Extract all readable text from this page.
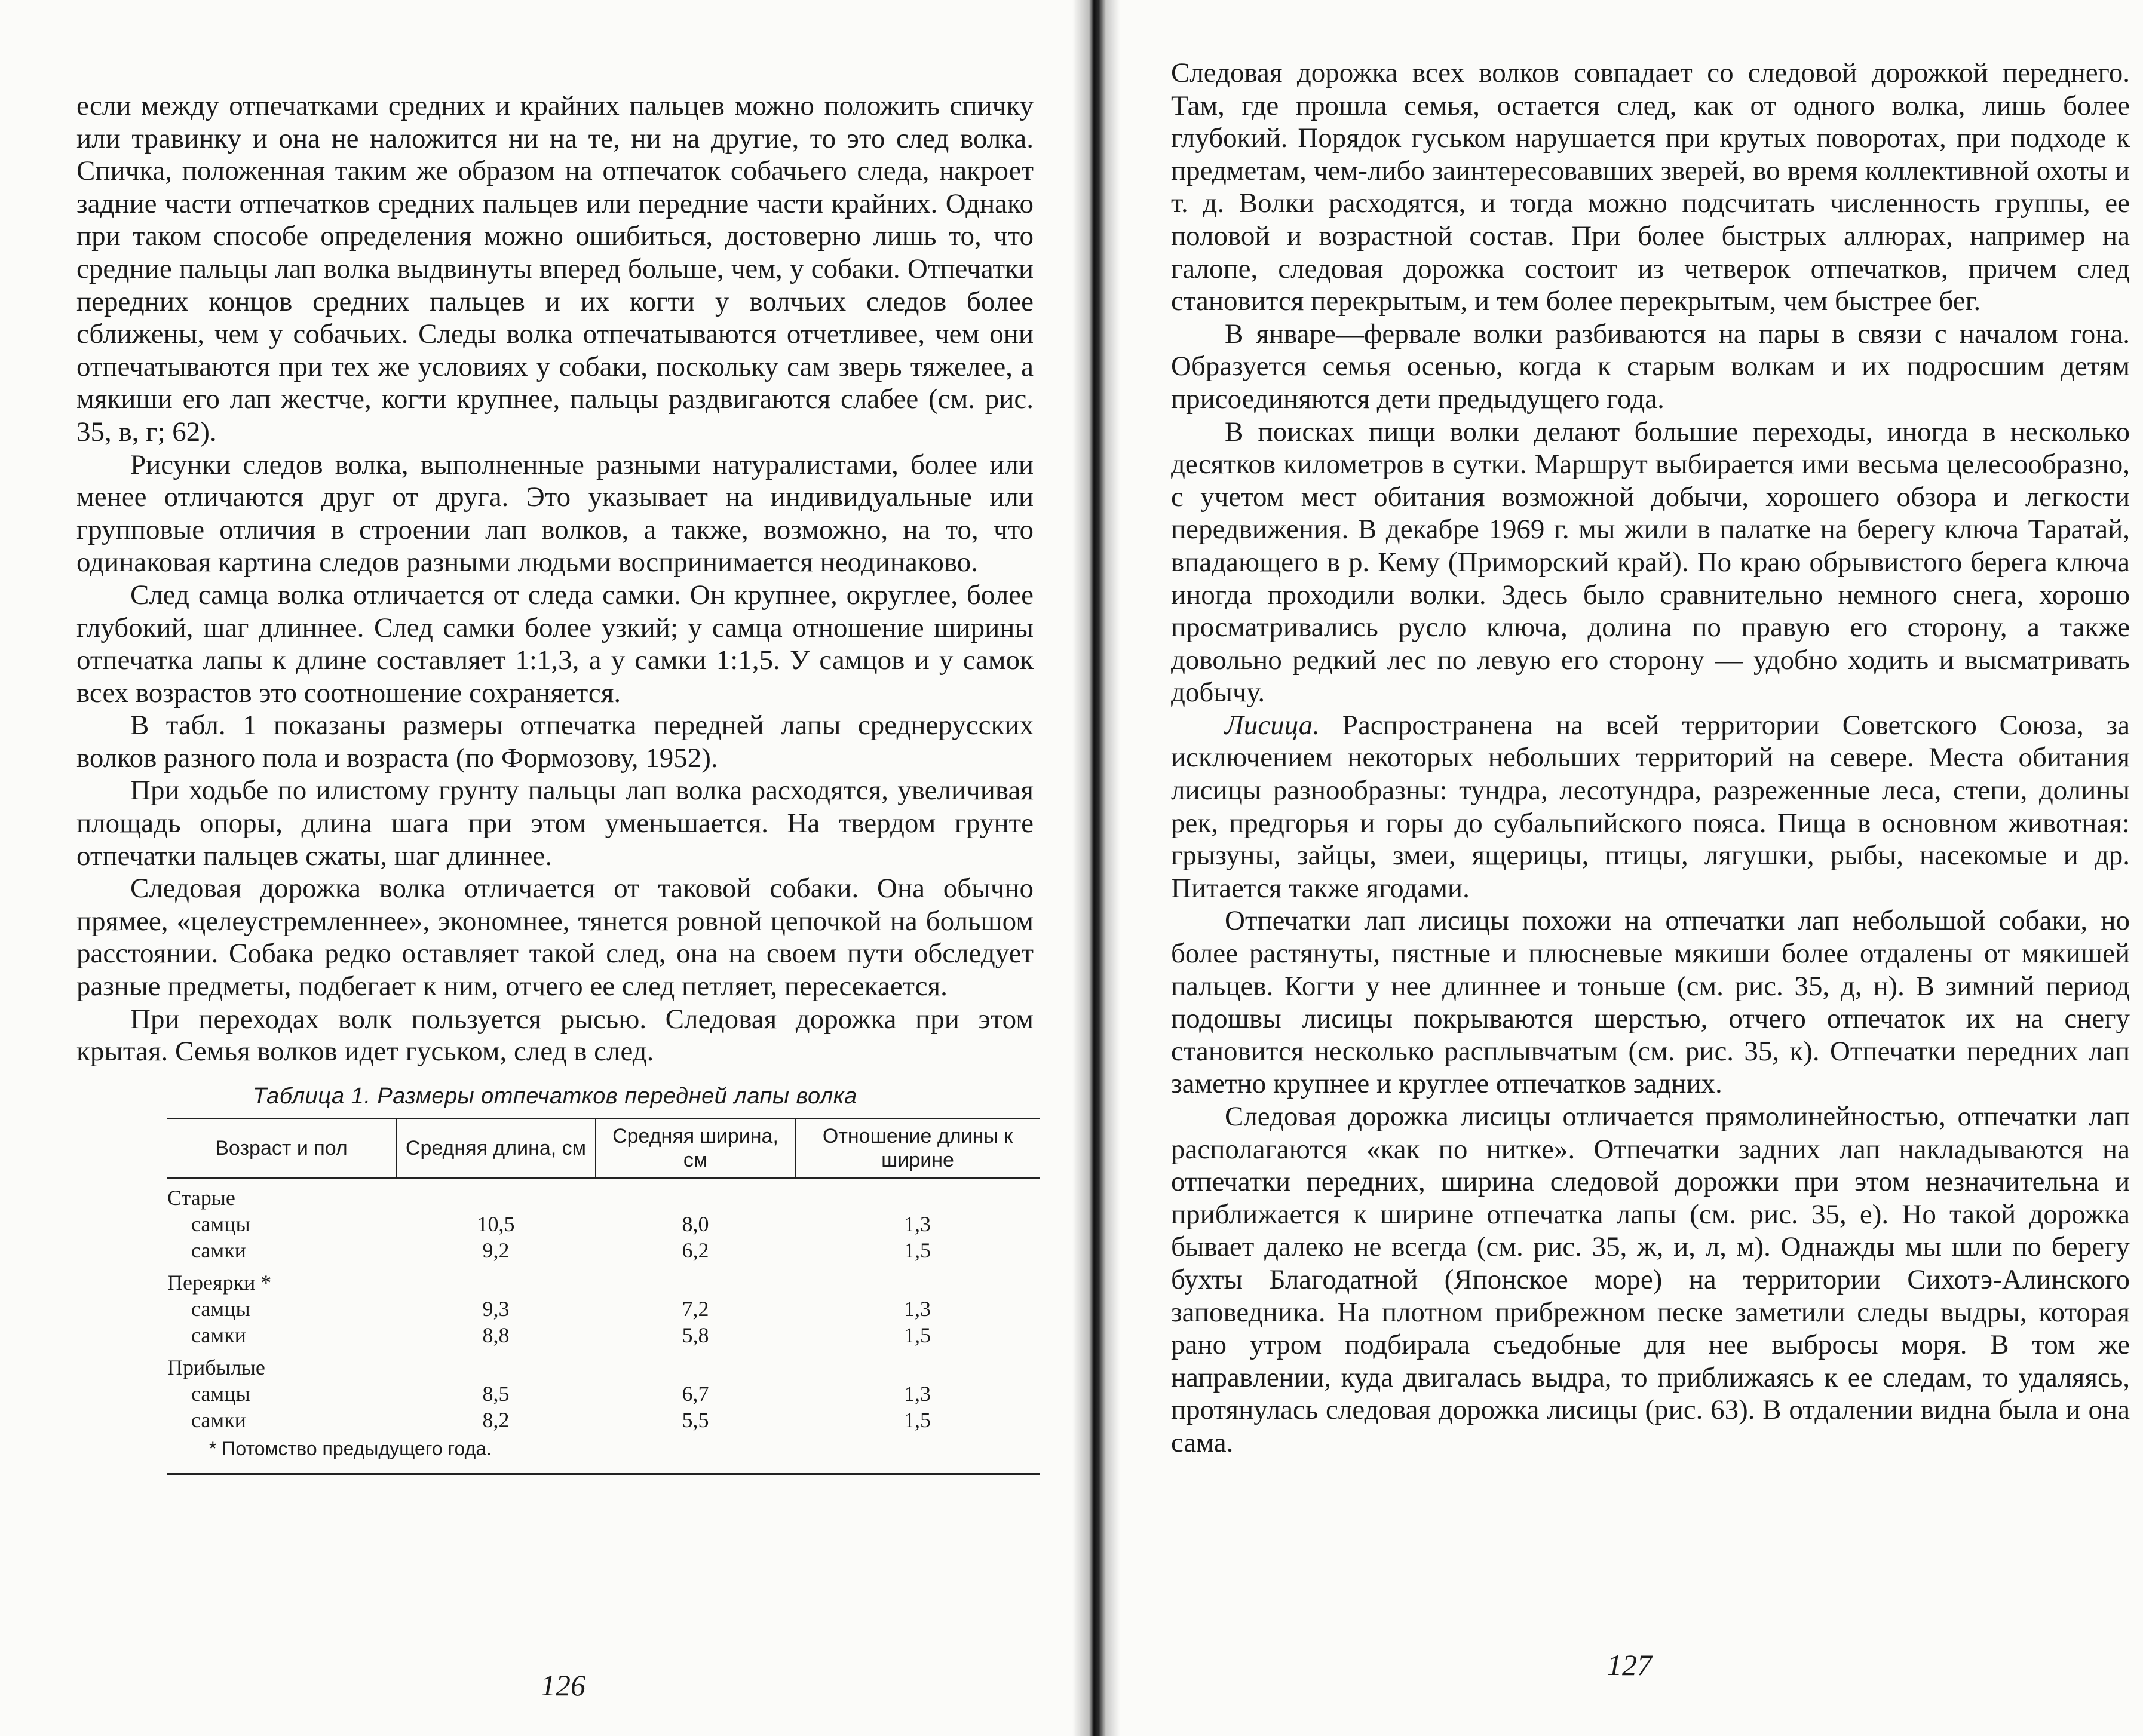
если между отпечатками средних и крайних пальцев можно положить спичку или травинку и она не наложится ни на те, ни на другие, то это след волка. Спичка, положенная таким же образом на отпечаток собачьего следа, накроет задние части отпечатков средних пальцев или передние части крайних. Однако при таком способе определения можно ошибиться, достоверно лишь то, что средние пальцы лап волка выдвинуты вперед больше, чем, у собаки. Отпечатки передних концов средних пальцев и их когти у волчьих следов более сближены, чем у собачьих. Следы волка отпечатываются отчетливее, чем они отпечатываются при тех же условиях у собаки, поскольку сам зверь тяжелее, а мякиши его лап жестче, когти крупнее, пальцы раздвигаются слабее (см. рис. 35, в, г; 62).

Рисунки следов волка, выполненные разными натуралистами, более или менее отличаются друг от друга. Это указывает на индивидуальные или групповые отличия в строении лап волков, а также, возможно, на то, что одинаковая картина следов разными людьми воспринимается неодинаково.

След самца волка отличается от следа самки. Он крупнее, округлее, более глубокий, шаг длиннее. След самки более узкий; у самца отношение ширины отпечатка лапы к длине составляет 1:1,3, а у самки 1:1,5. У самцов и у самок всех возрастов это соотношение сохраняется.

В табл. 1 показаны размеры отпечатка передней лапы среднерусских волков разного пола и возраста (по Формозову, 1952).

При ходьбе по илистому грунту пальцы лап волка расходятся, увеличивая площадь опоры, длина шага при этом уменьшается. На твердом грунте отпечатки пальцев сжаты, шаг длиннее.

Следовая дорожка волка отличается от таковой собаки. Она обычно прямее, «целеустремленнее», экономнее, тянется ровной цепочкой на большом расстоянии. Собака редко оставляет такой след, она на своем пути обследует разные предметы, подбегает к ним, отчего ее след петляет, пересекается.

При переходах волк пользуется рысью. Следовая дорожка при этом крытая. Семья волков идет гуськом, след в след.

Таблица 1. Размеры отпечатков передней лапы волка
Возраст и пол	Средняя длина, см	Средняя ширина, см	Отношение длины к ширине
Старые			
самцы	10,5	8,0	1,3
самки	9,2	6,2	1,5
Переярки *			
самцы	9,3	7,2	1,3
самки	8,8	5,8	1,5
Прибылые			
самцы	8,5	6,7	1,3
самки	8,2	5,5	1,5
* Потомство предыдущего года.
126

Следовая дорожка всех волков совпадает со следовой дорожкой переднего. Там, где прошла семья, остается след, как от одного волка, лишь более глубокий. Порядок гуськом нарушается при крутых поворотах, при подходе к предметам, чем-либо заинтересовавших зверей, во время коллективной охоты и т. д. Волки расходятся, и тогда можно подсчитать численность группы, ее половой и возрастной состав. При более быстрых аллюрах, например на галопе, следовая дорожка состоит из четверок отпечатков, причем след становится перекрытым, и тем более перекрытым, чем быстрее бег.

В январе—фервале волки разбиваются на пары в связи с началом гона. Образуется семья осенью, когда к старым волкам и их подросшим детям присоединяются дети предыдущего года.

В поисках пищи волки делают большие переходы, иногда в несколько десятков километров в сутки. Маршрут выбирается ими весьма целесообразно, с учетом мест обитания возможной добычи, хорошего обзора и легкости передвижения. В декабре 1969 г. мы жили в палатке на берегу ключа Таратай, впадающего в р. Кему (Приморский край). По краю обрывистого берега ключа иногда проходили волки. Здесь было сравнительно немного снега, хорошо просматривались русло ключа, долина по правую его сторону, а также довольно редкий лес по левую его сторону — удобно ходить и высматривать добычу.

Лисица. Распространена на всей территории Советского Союза, за исключением некоторых небольших территорий на севере. Места обитания лисицы разнообразны: тундра, лесотундра, разреженные леса, степи, долины рек, предгорья и горы до субальпийского пояса. Пища в основном животная: грызуны, зайцы, змеи, ящерицы, птицы, лягушки, рыбы, насекомые и др. Питается также ягодами.

Отпечатки лап лисицы похожи на отпечатки лап небольшой собаки, но более растянуты, пястные и плюсневые мякиши более отдалены от мякишей пальцев. Когти у нее длиннее и тоньше (см. рис. 35, д, н). В зимний период подошвы лисицы покрываются шерстью, отчего отпечаток их на снегу становится несколько расплывчатым (см. рис. 35, к). Отпечатки передних лап заметно крупнее и круглее отпечатков задних.

Следовая дорожка лисицы отличается прямолинейностью, отпечатки лап располагаются «как по нитке». Отпечатки задних лап накладываются на отпечатки передних, ширина следовой дорожки при этом незначительна и приближается к ширине отпечатка лапы (см. рис. 35, е). Но такой дорожка бывает далеко не всегда (см. рис. 35, ж, и, л, м). Однажды мы шли по берегу бухты Благодатной (Японское море) на территории Сихотэ-Алинского заповедника. На плотном прибрежном песке заметили следы выдры, которая рано утром подбирала съедобные для нее выбросы моря. В том же направлении, куда двигалась выдра, то приближаясь к ее следам, то удаляясь, протянулась следовая дорожка лисицы (рис. 63). В отдалении видна была и она сама.

127
